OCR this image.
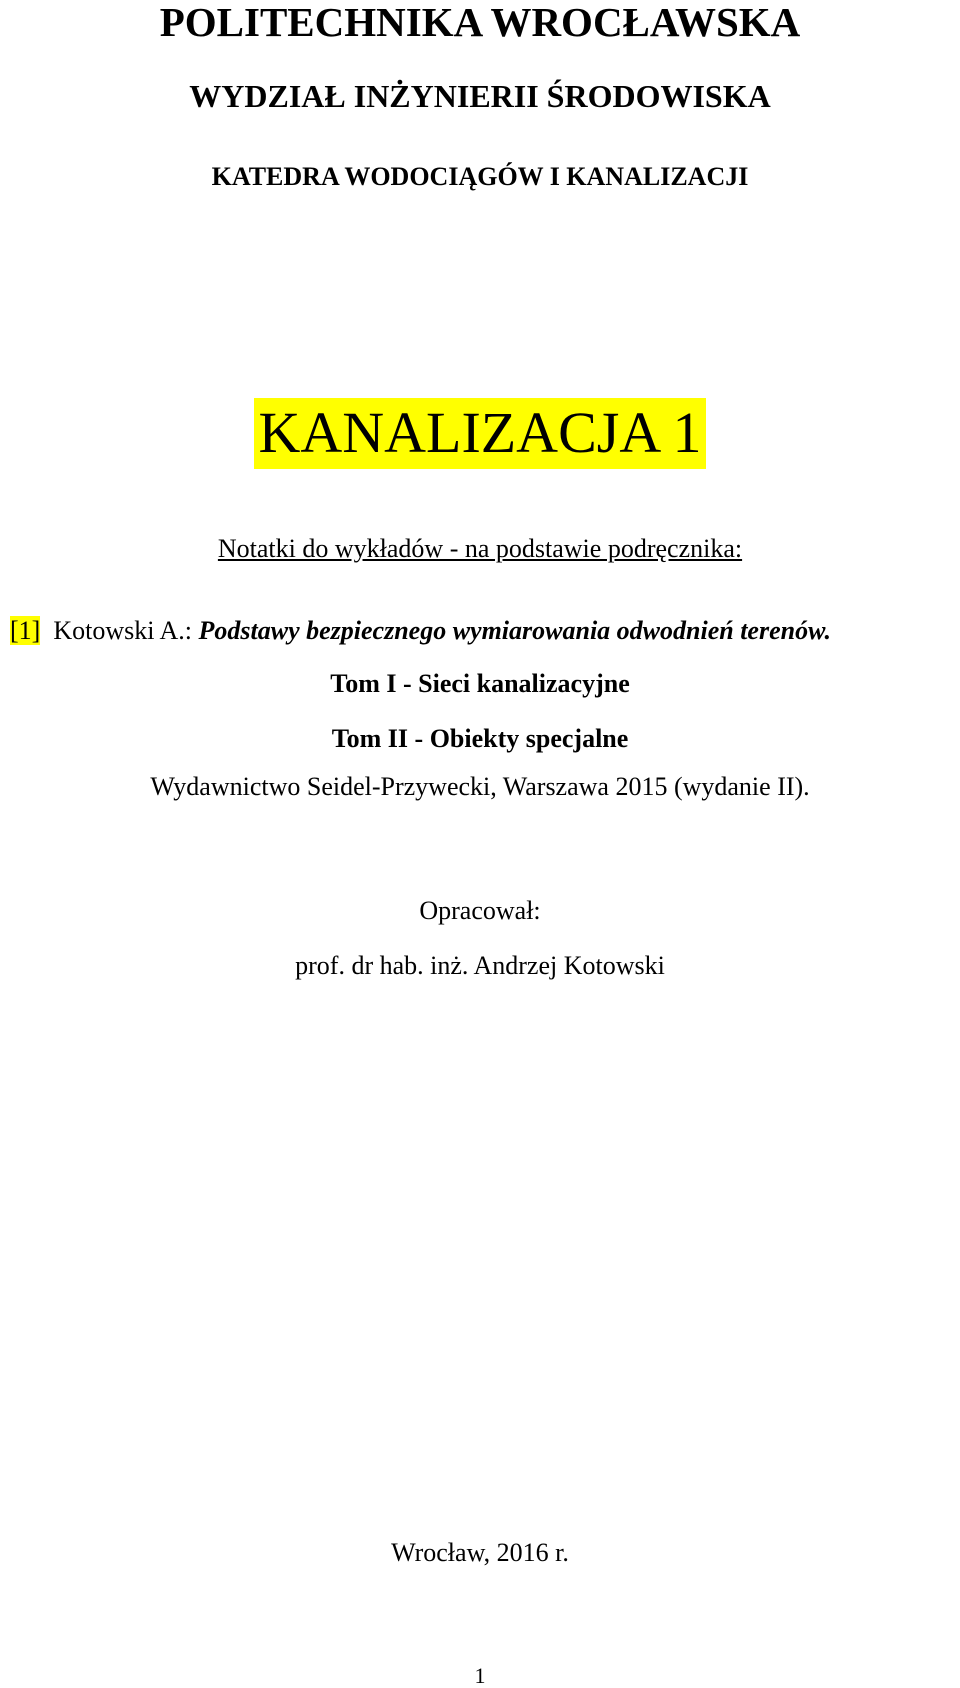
POLITECHNIKA WROCŁAWSKA
WYDZIAŁ INŻYNIERII ŚRODOWISKA
KATEDRA WODOCIĄGÓW I KANALIZACJI
KANALIZACJA 1
Notatki do wykładów - na podstawie podręcznika:
[1] Kotowski A.: Podstawy bezpiecznego wymiarowania odwodnień terenów.
Tom I - Sieci kanalizacyjne
Tom II - Obiekty specjalne
Wydawnictwo Seidel-Przywecki, Warszawa 2015 (wydanie II).
Opracował:
prof. dr hab. inż. Andrzej Kotowski
Wrocław, 2016 r.
1
